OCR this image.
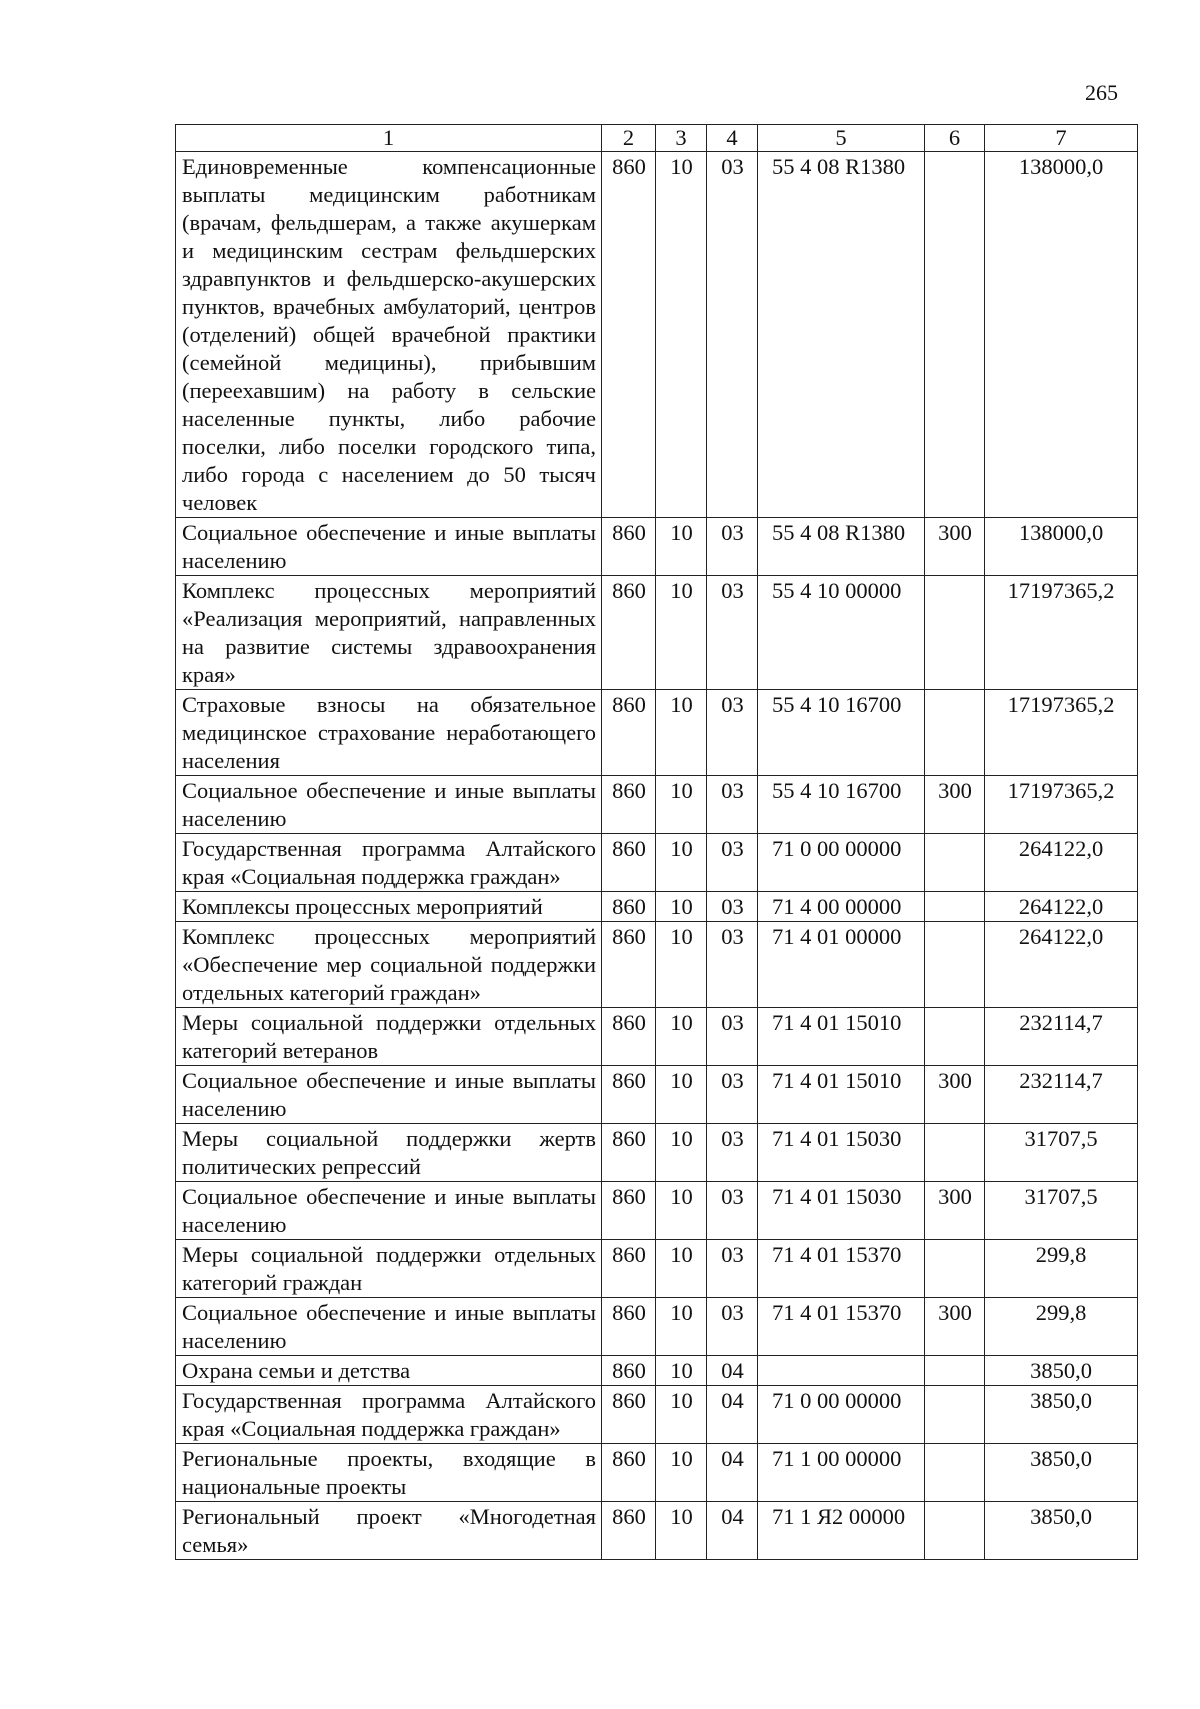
265
1	2	3	4	5	6	7
Единовременные компенсационные выплаты медицинским работникам (врачам, фельдшерам, а также акушеркам и медицинским сестрам фельдшерских здравпунктов и фельдшерско-акушерских пунктов, врачебных амбулаторий, центров (отделений) общей врачебной практики (семейной медицины), прибывшим (переехавшим) на работу в сельские населенные пункты, либо рабочие поселки, либо поселки городского типа, либо города с населением до 50 тысяч человек	860	10	03	55 4 08 R1380		138000,0
Социальное обеспечение и иные выплаты населению	860	10	03	55 4 08 R1380	300	138000,0
Комплекс процессных мероприятий «Реализация мероприятий, направленных на развитие системы здравоохранения края»	860	10	03	55 4 10 00000		17197365,2
Страховые взносы на обязательное медицинское страхование неработающего населения	860	10	03	55 4 10 16700		17197365,2
Социальное обеспечение и иные выплаты населению	860	10	03	55 4 10 16700	300	17197365,2
Государственная программа Алтайского края «Социальная поддержка граждан»	860	10	03	71 0 00 00000		264122,0
Комплексы процессных мероприятий	860	10	03	71 4 00 00000		264122,0
Комплекс процессных мероприятий «Обеспечение мер социальной поддержки отдельных категорий граждан»	860	10	03	71 4 01 00000		264122,0
Меры социальной поддержки отдельных категорий ветеранов	860	10	03	71 4 01 15010		232114,7
Социальное обеспечение и иные выплаты населению	860	10	03	71 4 01 15010	300	232114,7
Меры социальной поддержки жертв политических репрессий	860	10	03	71 4 01 15030		31707,5
Социальное обеспечение и иные выплаты населению	860	10	03	71 4 01 15030	300	31707,5
Меры социальной поддержки отдельных категорий граждан	860	10	03	71 4 01 15370		299,8
Социальное обеспечение и иные выплаты населению	860	10	03	71 4 01 15370	300	299,8
Охрана семьи и детства	860	10	04			3850,0
Государственная программа Алтайского края «Социальная поддержка граждан»	860	10	04	71 0 00 00000		3850,0
Региональные проекты, входящие в национальные проекты	860	10	04	71 1 00 00000		3850,0
Региональный проект «Многодетная семья»	860	10	04	71 1 Я2 00000		3850,0
